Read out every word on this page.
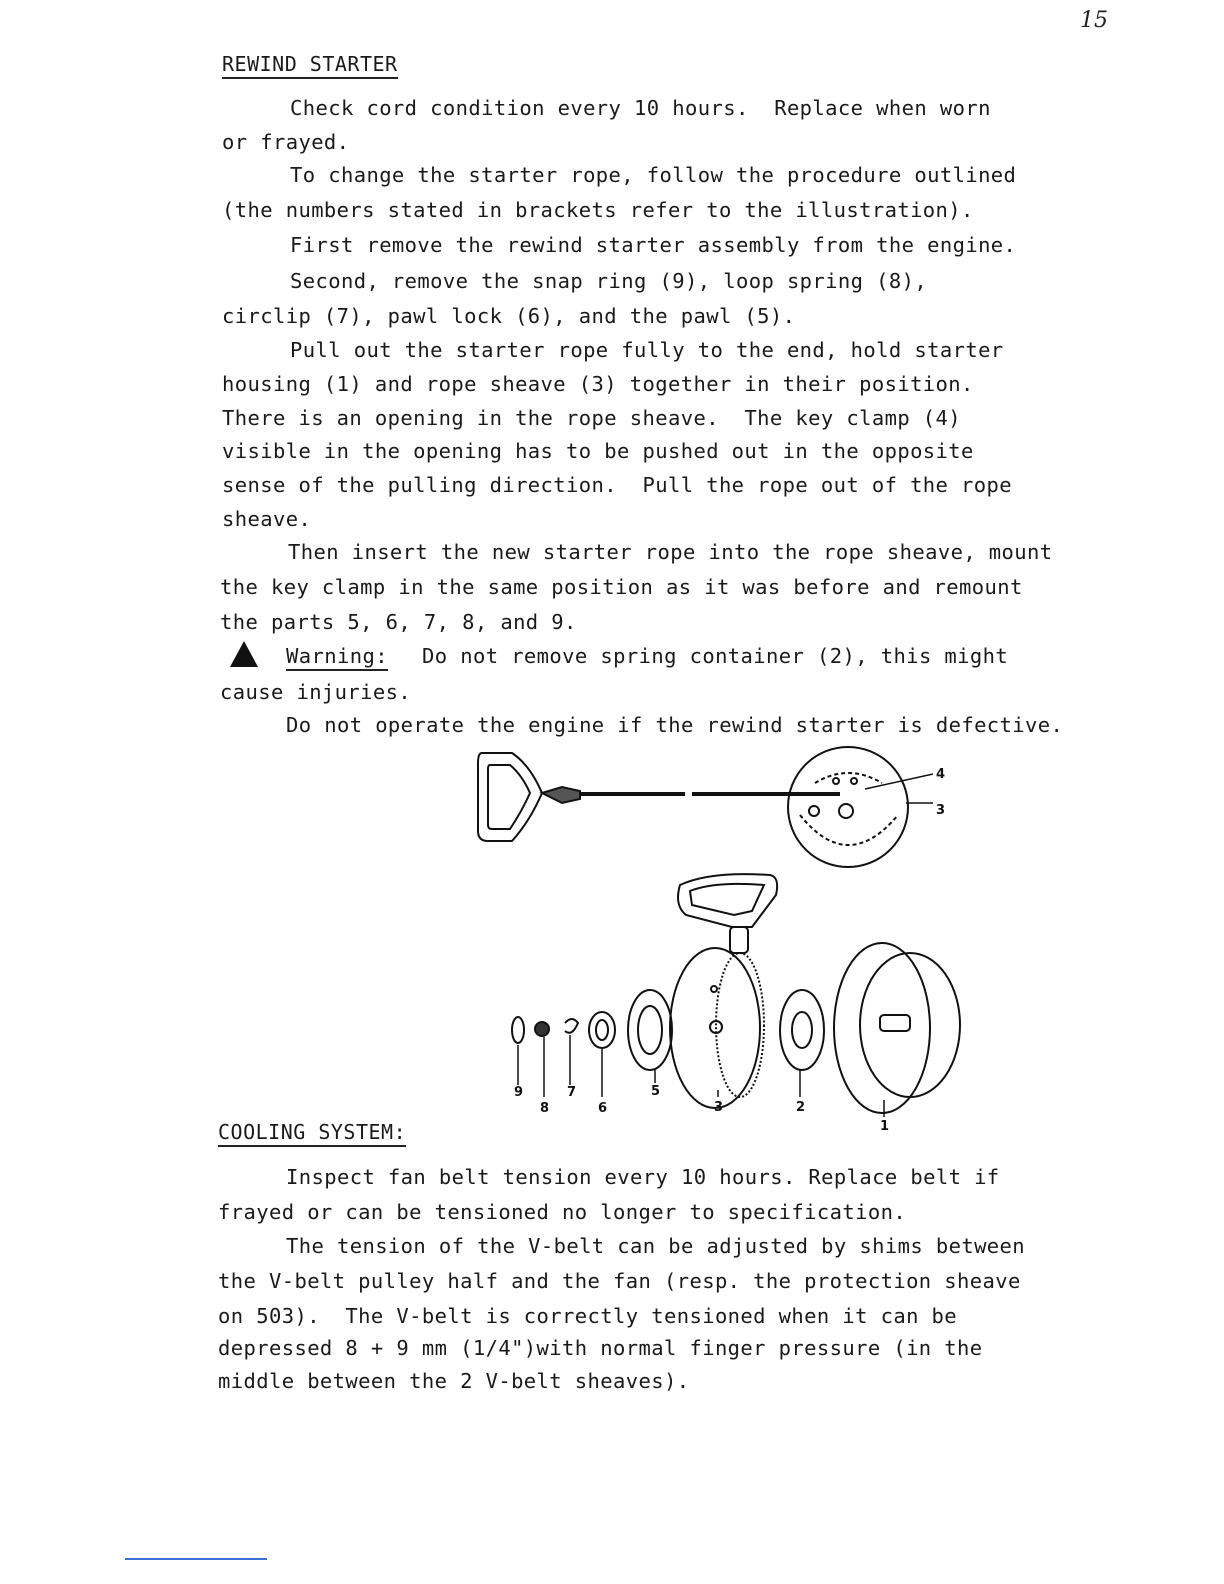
15
REWIND STARTER
Check cord condition every 10 hours.  Replace when worn
or frayed.
To change the starter rope, follow the procedure outlined
(the numbers stated in brackets refer to the illustration).
First remove the rewind starter assembly from the engine.
Second, remove the snap ring (9), loop spring (8),
circlip (7), pawl lock (6), and the pawl (5).
Pull out the starter rope fully to the end, hold starter
housing (1) and rope sheave (3) together in their position.
There is an opening in the rope sheave.  The key clamp (4)
visible in the opening has to be pushed out in the opposite
sense of the pulling direction.  Pull the rope out of the rope
sheave.
Then insert the new starter rope into the rope sheave, mount
the key clamp in the same position as it was before and remount
the parts 5, 6, 7, 8, and 9.
Warning: Do not remove spring container (2), this might
cause injuries.
Do not operate the engine if the rewind starter is defective.
4
3
9
8
7
6
5
3	2
1
COOLING SYSTEM:
Inspect fan belt tension every 10 hours. Replace belt if
frayed or can be tensioned no longer to specification.
The tension of the V-belt can be adjusted by shims between
the V-belt pulley half and the fan (resp. the protection sheave
on 503).  The V-belt is correctly tensioned when it can be
depressed 8 + 9 mm (1/4")with normal finger pressure (in the
middle between the 2 V-belt sheaves).
